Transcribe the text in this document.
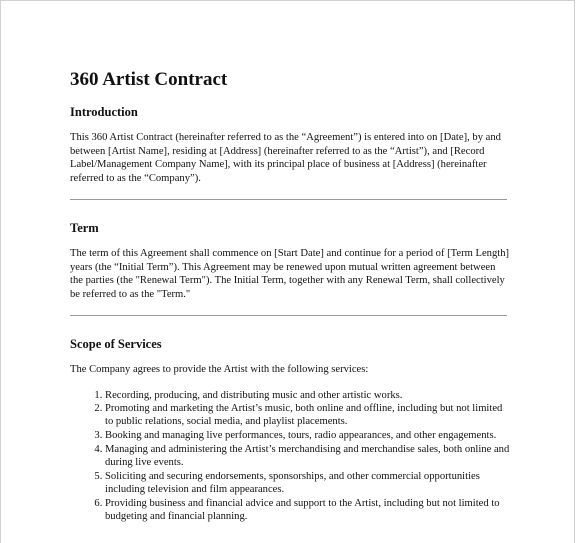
360 Artist Contract
Introduction

This 360 Artist Contract (hereinafter referred to as the “Agreement”) is entered into on [Date], by and between [Artist Name], residing at [Address] (hereinafter referred to as the “Artist”), and [Record Label/Management Company Name], with its principal place of business at [Address] (hereinafter referred to as the “Company”).

Term

The term of this Agreement shall commence on [Start Date] and continue for a period of [Term Length] years (the “Initial Term”). This Agreement may be renewed upon mutual written agreement between the parties (the "Renewal Term"). The Initial Term, together with any Renewal Term, shall collectively be referred to as the "Term."

Scope of Services

The Company agrees to provide the Artist with the following services:

1. Recording, producing, and distributing music and other artistic works.
2. Promoting and marketing the Artist’s music, both online and offline, including but not limited to public relations, social media, and playlist placements.
3. Booking and managing live performances, tours, radio appearances, and other engagements.
4. Managing and administering the Artist’s merchandising and merchandise sales, both online and during live events.
5. Soliciting and securing endorsements, sponsorships, and other commercial opportunities including television and film appearances.
6. Providing business and financial advice and support to the Artist, including but not limited to budgeting and financial planning.
